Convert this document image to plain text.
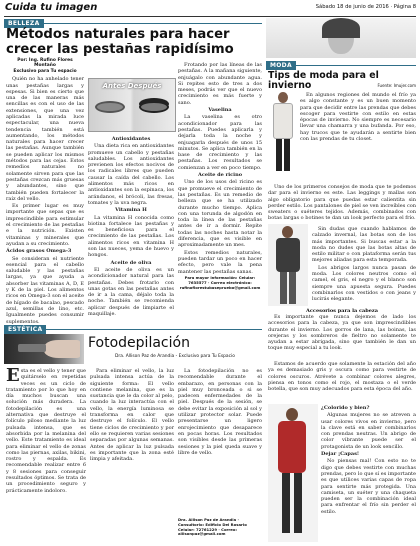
Cuida tu imagen	Sábado 18 de junio de 2016 · Página 8
BELLEZA
Métodos naturales para hacer
crecer las pestañas rapidísimo
Por: Ing. Rufino Flores Montaño
Exclusivo para Tu espacio

Quién no ha anhelado tener unas pestañas largas y espesas. Si bien es cierto que una de las maneras más sencillas es con el uso de las extensiones, que una vez aplicadas la mirada luce espectacular, una nueva tendencia también está aumentando, los métodos naturales para hacer crecer las pestañas. Aunque también se pueden aplicar los mismos métodos para las cejas. Estos remedios naturales no solamente sirven para que las pestañas crezcan más gruesas y abundantes, sino que también pueden fortalecer la raíz del vello.

Es primer lugar es muy importante que sepas que es imprescindible para estimular el crecimiento de las pestañas e la nutrición. Existen vitaminas y minerales que ayudan a su crecimiento.

Ácidos grasos Omega-3

Se consideran el nutriente esencial para el cabello saludable y las pestañas largas, ya que ayuda a absorber las vitaminas A, D, E y K de la piel. Los alimentos ricos en Omega-3 son el aceite de hígado de bacalao, pescado azul, semillas de lino, etc. Igualmente puedes consumir suplementos.

Antes Después
Antioxidantes

Una dieta rica en antioxidantes promueve un cabello y pestañas saludables. Los antioxidantes previenen los efectos nocivos de los radicales libres que pueden causar la caída del cabello. Los alimentos más ricos en antioxidantes son la espinaca, los arándanos, el brócoli, las fresas, tomates y la uva negra.

Vitamina H

La vitamina H conocida como biotina fortalece las pestañas y es beneficiosa para el crecimiento de las pestañas. Los alimentos ricos en vitamina H son las nueces, yema de huevo y hongos.

Aceite de oliva

El aceite de oliva es un acondicionador natural para las pestañas. Debes frotarlo con unas gotas en las pestañas antes de ir a la cama, déjalo toda la noche. También se recomienda aplicar después de limpiarte el maquillaje.

Frotando por las líneas de las pestañas. A la mañana siguiente, enjuágalo con abundante agua. Si repites esto de tres a dos meses, podrás ver que el nuevo crecimiento es más fuerte y sano.

Vaselina

La vaselina es otro acondicionador para las pestañas. Puedes aplicarla y dejarla toda la noche y enjuagarla después de unos 15 minutos. Se aplica también en la base de crecimiento y las pestañas. Los resultados se comienzan a ver en poco tiempo.

Aceite de ricino

Uno de los usos del ricino es que promueve el crecimiento de las pestañas. Es un remedio de belleza que se ha utilizado durante mucho tiempo. Aplica con una torunda de algodón en toda la línea de las pestañas antes de ir a dormir. Repite todas las noches hasta notar la diferencia, que es visible en aproximadamente un mes.

Estos remedios naturales, pueden tardar un poco en hacer efecto, pero vale la pena mantener las pestañas sanas.

Para mayor información: Celular: 7635577 · Correo electrónico: rufinoflorestubasepruebo@gmail.com
MODA
Tips de moda para el invierno	Fuente: Imujer.com

En algunos regiones del mundo el frío ya es algo constante y es un buen momento para que decidir entre las prendas que debes escoger para vestirte con estilo en estas épocas de invierno. No siempre es necesario llevar una chamarra y una bufanda. Por eso, hay trucos que te ayudarán a sentirte bien con las prendas de tu closet.

Uno de los primeros consejos de moda que te podemos dar para el invierno es este. Las leggings y mallas son algo obligatorio para que puedas estar calientita sin perder estilo. Los pantalones de piel se ven increíbles con sweaters o suéteres tejidos. Además, combinados con botas largas o botines te dan un look perfecto para el frío.

Sin dudas que cuando hablamos de calzado invernal, las botas son de los más importantes. Si buscas estar a la moda no dudes que las botas altas de estilo militar o con plataforma serán tus mejores aliadas para esta temporada.

Los abrigos largos nunca pasan de moda. Los colores neutros como el camel, el gris, el negro y el blanco son siempre una apuesta segura. Puedes combinarlos con vestidos o con jeans y lucirás elegante.

Accesorios para la cabeza

Es importante que nunca dejemos de lado los accesorios para la cabeza, ya que son imprescindibles durante el invierno. Los gorros de lana, las boinas, las orejeras y los sombreros de fieltro no solamente te ayudan a estar abrigada, sino que también le dan un toque muy especial a tu look.

Estamos de acuerdo que solamente la estación del año ya es demasiado gris y oscura como para vestirte de colores oscuros. Atrévete a combinar colores alegres, piensa en tonos como el rojo, el mostaza o el verde botella, que son muy adecuados para esta época del año.

¿Colorido y bien?

Algunas mujeres no se atreven a usar colores vivos en invierno, pero la clave está en saber combinarlos con prendas neutras. Un abrigo de color vibrante puede ser el protagonista de un look sencillo.

Dejar ¡Capas!

No piensas mal! Con esto no te digo que debes vestirte con muchas prendas, pero lo que sí es importante es que utilices varias capas de ropa para sentirte más protegida. Una camiseta, un suéter y una chaqueta pueden ser la combinación ideal para enfrentar el frío sin perder el estilo.

ESTÉTICA
Fotodepilación
Dra. Allison Paz de Arandia - Exclusivo para Tu Espacio
E sta es el vello y tener que quitárselo en repetidas veces es un ciclo de tratamiento por lo que hoy en día muchos buscan una solución más duradera. La fotodepilación es una alternativa que destruye el folículo piloso mediante la luz pulsada intensa, que es absorbida por la melanina del vello. Este tratamiento es ideal para eliminar el vello de zonas como las piernas, axilas, bikini, rostro y espalda. Es recomendable realizar entre 6 y 8 sesiones para conseguir resultados óptimos. Se trata de un procedimiento seguro y prácticamente indoloro.

Para eliminar el vello, la luz pulsada intensa actúa de la siguiente forma: El vello contiene melanina, que es la sustancia que le da color al pelo, cuando la luz interactúa con el vello, la energía luminosa se transforma en calor que destruye el folículo. El vello tiene ciclos de crecimiento y por ello se requieren varias sesiones separadas por algunas semanas. Antes de aplicar la luz pulsada es importante que la zona esté limpia y afeitada.

La fotodepilación no es recomendable durante el embarazo, en personas con la piel muy bronceada o si se padecen enfermedades de la piel. Después de la sesión, se debe evitar la exposición al sol y utilizar protector solar. Puede presentarse un ligero enrojecimiento que desaparece en pocas horas. Los resultados son visibles desde las primeras sesiones y la piel queda suave y libre de vello.

Dra. Allison Paz de Arandia · Consultorio: Edificio Del Rosario Celular: 72761229 · Correo: allisonpaz@gmail.com
